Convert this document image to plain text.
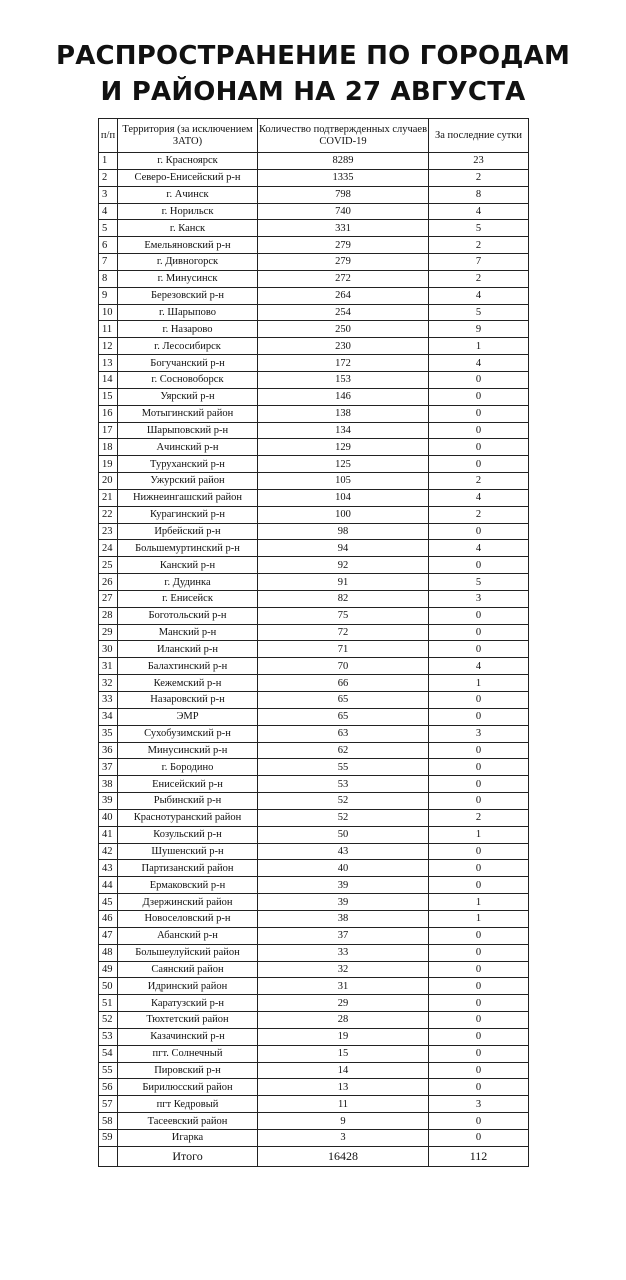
РАСПРОСТРАНЕНИЕ ПО ГОРОДАМ
И РАЙОНАМ НА 27 АВГУСТА
п/п	Территория (за исключением ЗАТО)	Количество подтвержденных случаев COVID-19	За последние сутки
1	г. Красноярск	8289	23
2	Северо-Енисейский р-н	1335	2
3	г. Ачинск	798	8
4	г. Норильск	740	4
5	г. Канск	331	5
6	Емельяновский р-н	279	2
7	г. Дивногорск	279	7
8	г. Минусинск	272	2
9	Березовский р-н	264	4
10	г. Шарыпово	254	5
11	г. Назарово	250	9
12	г. Лесосибирск	230	1
13	Богучанский р-н	172	4
14	г. Сосновоборск	153	0
15	Уярский р-н	146	0
16	Мотыгинский район	138	0
17	Шарыповский р-н	134	0
18	Ачинский р-н	129	0
19	Туруханский р-н	125	0
20	Ужурский район	105	2
21	Нижнеингашский район	104	4
22	Курагинский р-н	100	2
23	Ирбейский р-н	98	0
24	Большемуртинский р-н	94	4
25	Канский р-н	92	0
26	г. Дудинка	91	5
27	г. Енисейск	82	3
28	Боготольский р-н	75	0
29	Манский р-н	72	0
30	Иланский р-н	71	0
31	Балахтинский р-н	70	4
32	Кежемский р-н	66	1
33	Назаровский р-н	65	0
34	ЭМР	65	0
35	Сухобузимский р-н	63	3
36	Минусинский р-н	62	0
37	г. Бородино	55	0
38	Енисейский р-н	53	0
39	Рыбинский р-н	52	0
40	Краснотуранский район	52	2
41	Козульский р-н	50	1
42	Шушенский р-н	43	0
43	Партизанский район	40	0
44	Ермаковский р-н	39	0
45	Дзержинский район	39	1
46	Новоселовский р-н	38	1
47	Абанский р-н	37	0
48	Большеулуйский район	33	0
49	Саянский район	32	0
50	Идринский район	31	0
51	Каратузский р-н	29	0
52	Тюхтетский район	28	0
53	Казачинский р-н	19	0
54	пгт. Солнечный	15	0
55	Пировский р-н	14	0
56	Бирилюсский район	13	0
57	пгт Кедровый	11	3
58	Тасеевский район	9	0
59	Игарка	3	0
	Итого	16428	112
